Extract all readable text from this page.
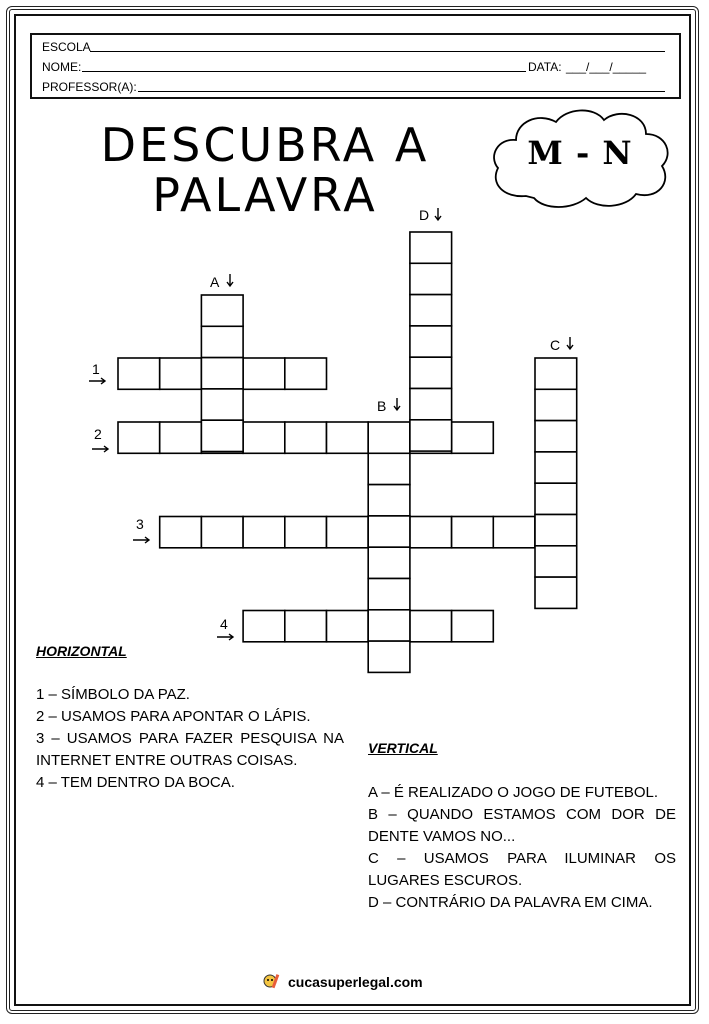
ESCOLA
NOME:	DATA: ___/___/_____
PROFESSOR(A):
DESCUBRA A
PALAVRA
M - N
1
2
3
4
A
B
C
D
HORIZONTAL
1 – SÍMBOLO DA PAZ.
2 – USAMOS PARA APONTAR O LÁPIS.
3 – USAMOS PARA FAZER PESQUISA NA INTERNET ENTRE OUTRAS COISAS.
4 – TEM DENTRO DA BOCA.
VERTICAL
A – É REALIZADO O JOGO DE FUTEBOL.
B – QUANDO ESTAMOS COM DOR DE DENTE VAMOS NO...
C – USAMOS PARA ILUMINAR OS LUGARES ESCUROS.
D – CONTRÁRIO DA PALAVRA EM CIMA.
cucasuperlegal.com
